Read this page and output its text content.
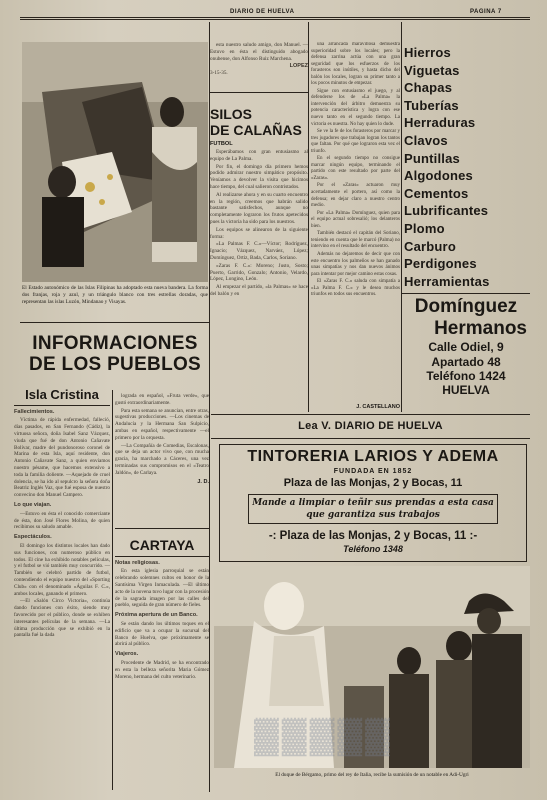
DIARIO DE HUELVA	PAGINA 7
El Estado autonómico de las Islas Filipinas ha adoptado esta nueva bandera. La forma dos franjas, roja y azul, y un triángulo blanco con tres estrellas doradas, que representan las islas Luzón, Mindanao y Visayas.
INFORMACIONES
DE LOS PUEBLOS
Isla Cristina
Fallecimientos.

Víctima de rápida enfermedad, falleció, días pasados, en San Fernando (Cádiz), la virtuosa señora, doña Isabel Sanz Vázquez, viuda que fué de don Antonio Cañavate Bolívar, madre del pundonoroso coronel de Marina de esta Isla, aquí residente, don Antonio Cañavate Sanz, a quien enviamos nuestro pésame, que hacemos extensivo a toda la familia doliente. —Aquejado de cruel dolencia, se ha ido al sepulcro la señora doña Beatriz Inglés Vaz, que fué esposa de nuestro convecino don Manuel Campero.

Lo que viajan.

—Estuvo en ésta el conocido comerciante de ésta, don José Flores Molina, de quien recibimos su saludo amable.

Espectáculos.

El domingo los distintos locales han dado sus funciones, con numeroso público en todos. El cine ha exhibido notables películas, y el futbol se vió también muy concurrido. —También se celebró partido de futbol, contendiendo el equipo nuestro del «Sporting Club» con el denominado «Águilas F. C.», ambos locales, ganando el primero.

—El «Salón Circo Victoria», continúa dando funciones con éxito, siendo muy favorecido por el público, donde se exhiben interesantes películas de la semana. —La última producción que se exhibió en la pantalla fué la dada

lograda en español, «Fruta verde», que gustó extraordinariamente.

Para esta semana se anuncian, entre otras, sugestivas producciones. —Los cinemas de Andalucía y la Hermana San Sulpicio, ambas en español, respectivamente —el primero por la orquesta.

—La Compañía de Comedias, Escalonas, que se deja un actor vivo que, con mucha gracia, ha marchado a Cáceres, una vez terminadas sus compromisos en el «Teatro Jaldón», de Carlaya.

J. D.

esta nuestro saludo amigo, don Manuel. —Estuvo en ésta el distinguido abogado onubense, don Alfonso Ruiz Marchena.

LOPEZ
3-15-35.
SILOS
DE CALAÑAS
FUTBOL

Esperábamos con gran entusiasmo al equipo de La Palma.

Por fin, el domingo día primero hemos podido admirar nuestro simpático propósito. Veníamos a devolver la visita que hicimos hace tiempo, del cual salieron contristados.

Al realizarse ahora y en su cuarto encuentro en la región, creemos que habrán salido bastante satisfechos, aunque no completamente lograron los frutos apetecidos pues la victoria ha sido para los nuestros.

Los equipos se alinearon de la siguiente forma:

«La Palmas F. C.»—Víctor; Rodríguez, Ignacio; Vázquez, Narváez, López; Domínguez, Ortiz, Bada, Carlos, Soriano.

«Zaras F. C.»: Moreno; Justo, Sosto; Puerto, Garrido, Gonzalo; Antonio, Velardo, López, Longino, León.

Al empezar el partido, «la Palmas» se hace del balón y en

una arrancada maravillosa demuestra superioridad sobre los locales; pero la defensa zarrina actúa con una gran seguridad que los esfuerzos de los forasteros son inútiles, y hasta dicho del balón los locales, logran su primer tanto a los pocos minutos de empezar.

Sigue con entusiasmo el juego, y al defenderse los de «La Palma» la intervención del árbitro demuestra su potencia característica y logra con ese nuevo tanto en el segundo tiempo. La victoria es nuestra. No hay quien lo dude.

Se ve la fe de los forasteros por marcar y tres jugadores que trabajan logran los tantos que faltan. Por qué que lograron esta vez el triunfo.

En el segundo tiempo no consigue marcar ningún equipo, terminando el partido con este resultado por parte del «Zaras».

Por el «Zaras» actuaron muy acertadamente el portero, así como la defensa; en dejar claro a nuestro centro medio.

Por «La Palma» Domínguez, quien para el equipo actual sobresalió; los delanteros bien.

También destacó el capitán del Soriano, teniendo en cuenta que le marcó (Palma) no intervino en el resultado del encuentro.

Además no dejaremos de decir que con este encuentro los palmeños se han ganado unas simpatías y nos dan nuevos ánimos para intentar por mejor camino estas cosas.

El «Zaras F. C.» saluda con simpatía a «La Palma F. C.» y le desea muchos triunfos en todos sus encuentros.

J. CASTELLANO
Hierros
Viguetas
Chapas
Tuberías
Herraduras
Clavos
Puntillas
Algodones
Cementos
Lubrificantes
Plomo
Carburo
Perdigones
Herramientas
Domínguez
Hermanos
Calle Odiel, 9
Apartado 48
Teléfono 1424
HUELVA
Lea V. DIARIO DE HUELVA
TINTORERIA LARIOS Y ADEMA
FUNDADA EN 1852
Plaza de las Monjas, 2 y Bocas, 11
Mande a limpiar o teñir sus prendas a esta casa
que garantiza sus trabajos
-: Plaza de las Monjas, 2 y Bocas, 11 :-
Teléfono 1348
CARTAYA
Notas religiosas.

En esta iglesia parroquial se están celebrando solemnes cultos en honor de la Santísima Virgen Inmaculada. —El último acto de la novena tuvo lugar con la procesión de la sagrada imagen por las calles del pueblo, seguida de gran número de fieles.

Próxima apertura de un Banco.

Se están dando los últimos toques en el edificio que va a ocupar la sucursal del Banco de Huelva, que próximamente se abrirá al público.

Viajeros.

Procedente de Madrid, se ha encontrado en esta la belleza señorita Maria Gómez Moreno, hermana del culto veterinario.

▓▓▓▓▓
El duque de Bérgamo, primo del rey de Italia, recibe la sumisión de un notable en Adi-Ugri
